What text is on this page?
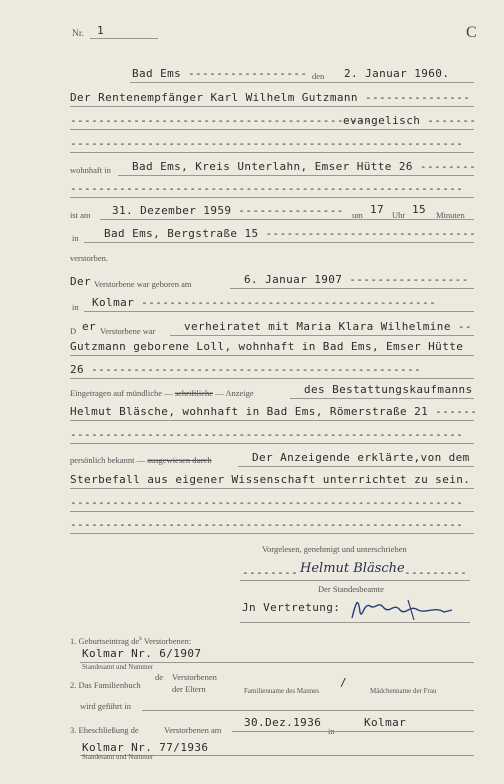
Nr. 1	C
Bad Ems ----------------- den 2. Januar 1960.
Der Rentenempfänger Karl Wilhelm Gutzmann ---------------
-------------------------------------------
evangelisch -------
--------------------------------------------------------
wohnhaft in Bad Ems, Kreis Unterlahn, Emser Hütte 26 --------
--------------------------------------------------------
ist am 31. Dezember 1959 --------------- um 17 Uhr 15 Minuten
in Bad Ems, Bergstraße 15 ------------------------------
verstorben.
Der Verstorbene war geboren am	6. Januar 1907 -----------------
in Kolmar ------------------------------------------
D er Verstorbene war	verheiratet mit Maria Klara Wilhelmine --
Gutzmann geborene Loll, wohnhaft in Bad Ems, Emser Hütte
26 -----------------------------------------------
Eingetragen auf mündliche — schriftliche — Anzeige	des Bestattungskaufmanns
Helmut Bläsche, wohnhaft in Bad Ems, Römerstraße 21 ------
--------------------------------------------------------
persönlich bekannt — ausgewiesen durch	Der Anzeigende erklärte,von dem
Sterbefall aus eigener Wissenschaft unterrichtet zu sein.
--------------------------------------------------------
--------------------------------------------------------
Vorgelesen, genehmigt und unterschrieben
-------- Helmut Bläsche ---------
Der Standesbeamte
Jn Vertretung:
1. Geburtseintrag $de^s$ Verstorbenen:
Kolmar Nr. 6/1907
Standesamt und Nummer
2. Das Familienbuch
de Verstorbenen
der Eltern	Familienname des Mannes
/
Mädchenname der Frau
wird geführt in
3. Eheschließung de	Verstorbenen am
30.Dez.1936
in
Kolmar
Kolmar Nr. 77/1936
Standesamt und Nummer
